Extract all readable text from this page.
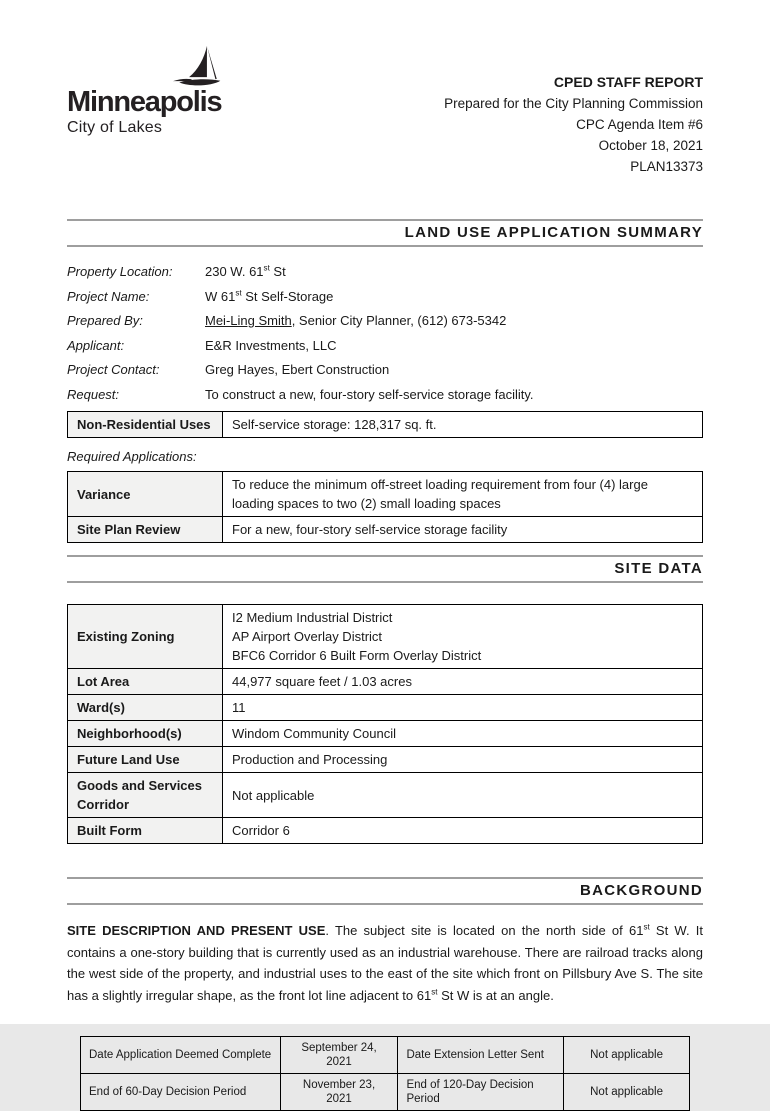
Minneapolis
City of Lakes
CPED STAFF REPORT
Prepared for the City Planning Commission
CPC Agenda Item #6
October 18, 2021
PLAN13373
LAND USE APPLICATION SUMMARY
Property Location:	230 W. 61st St
Project Name:	W 61st St Self-Storage
Prepared By:	Mei-Ling Smith, Senior City Planner, (612) 673-5342
Applicant:	E&R Investments, LLC
Project Contact:	Greg Hayes, Ebert Construction
Request:	To construct a new, four-story self-service storage facility.
Non-Residential Uses	Self-service storage: 128,317 sq. ft.
Required Applications:
Variance	To reduce the minimum off-street loading requirement from four (4) large loading spaces to two (2) small loading spaces
Site Plan Review	For a new, four-story self-service storage facility
SITE DATA
Existing Zoning	I2 Medium Industrial District
AP Airport Overlay District
BFC6 Corridor 6 Built Form Overlay District

Lot Area	44,977 square feet / 1.03 acres
Ward(s)	11
Neighborhood(s)	Windom Community Council
Future Land Use	Production and Processing
Goods and Services Corridor	Not applicable
Built Form	Corridor 6
BACKGROUND

SITE DESCRIPTION AND PRESENT USE. The subject site is located on the north side of 61st St W. It contains a one-story building that is currently used as an industrial warehouse. There are railroad tracks along the west side of the property, and industrial uses to the east of the site which front on Pillsbury Ave S. The site has a slightly irregular shape, as the front lot line adjacent to 61st St W is at an angle.

Date Application Deemed Complete	September 24, 2021	Date Extension Letter Sent	Not applicable
End of 60-Day Decision Period	November 23, 2021	End of 120-Day Decision Period	Not applicable
